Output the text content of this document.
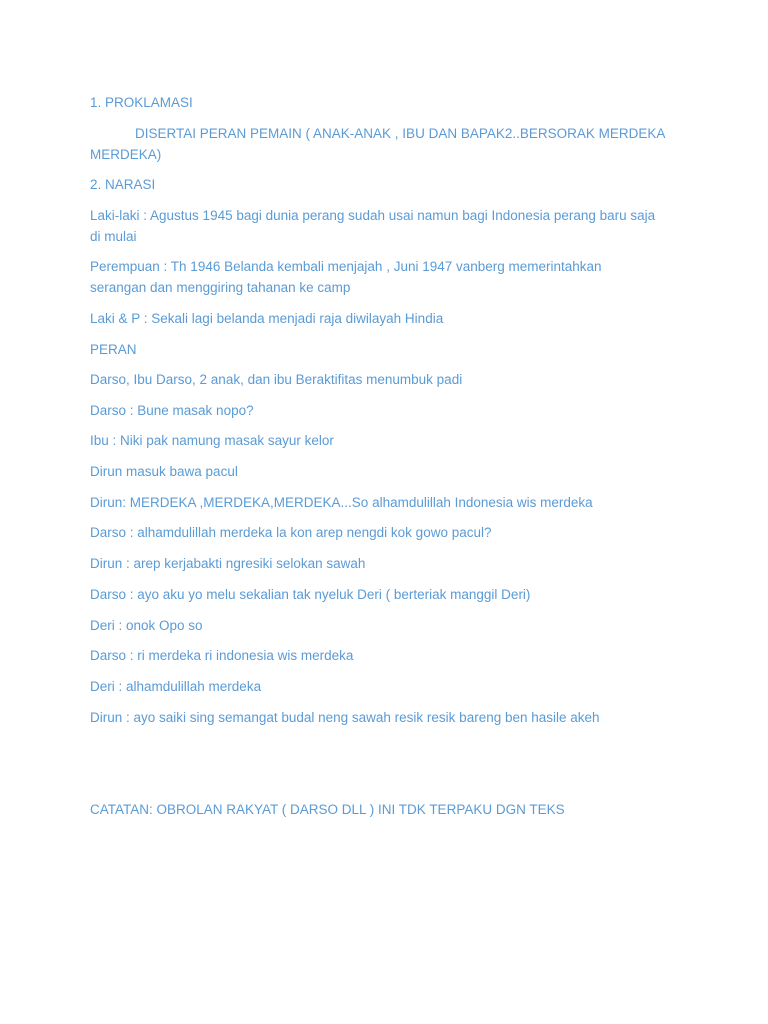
1. PROKLAMASI
DISERTAI PERAN PEMAIN ( ANAK-ANAK , IBU DAN BAPAK2..BERSORAK MERDEKA
MERDEKA)
2. NARASI
Laki-laki : Agustus 1945 bagi dunia perang sudah usai namun bagi Indonesia perang baru saja
di mulai
Perempuan : Th 1946 Belanda kembali menjajah , Juni 1947 vanberg memerintahkan
serangan dan menggiring tahanan ke camp
Laki & P : Sekali lagi belanda menjadi raja diwilayah Hindia
PERAN
Darso, Ibu Darso, 2 anak, dan ibu Beraktifitas menumbuk padi
Darso : Bune masak nopo?
Ibu : Niki pak namung masak sayur kelor
Dirun masuk bawa pacul
Dirun: MERDEKA ,MERDEKA,MERDEKA...So alhamdulillah Indonesia wis merdeka
Darso : alhamdulillah merdeka la kon arep nengdi kok gowo pacul?
Dirun : arep kerjabakti ngresiki selokan sawah
Darso : ayo aku yo melu sekalian tak nyeluk Deri ( berteriak manggil Deri)
Deri : onok Opo so
Darso : ri merdeka ri indonesia wis merdeka
Deri : alhamdulillah merdeka
Dirun : ayo saiki sing semangat budal neng sawah resik resik bareng ben hasile akeh
CATATAN: OBROLAN RAKYAT ( DARSO DLL ) INI TDK TERPAKU DGN TEKS
